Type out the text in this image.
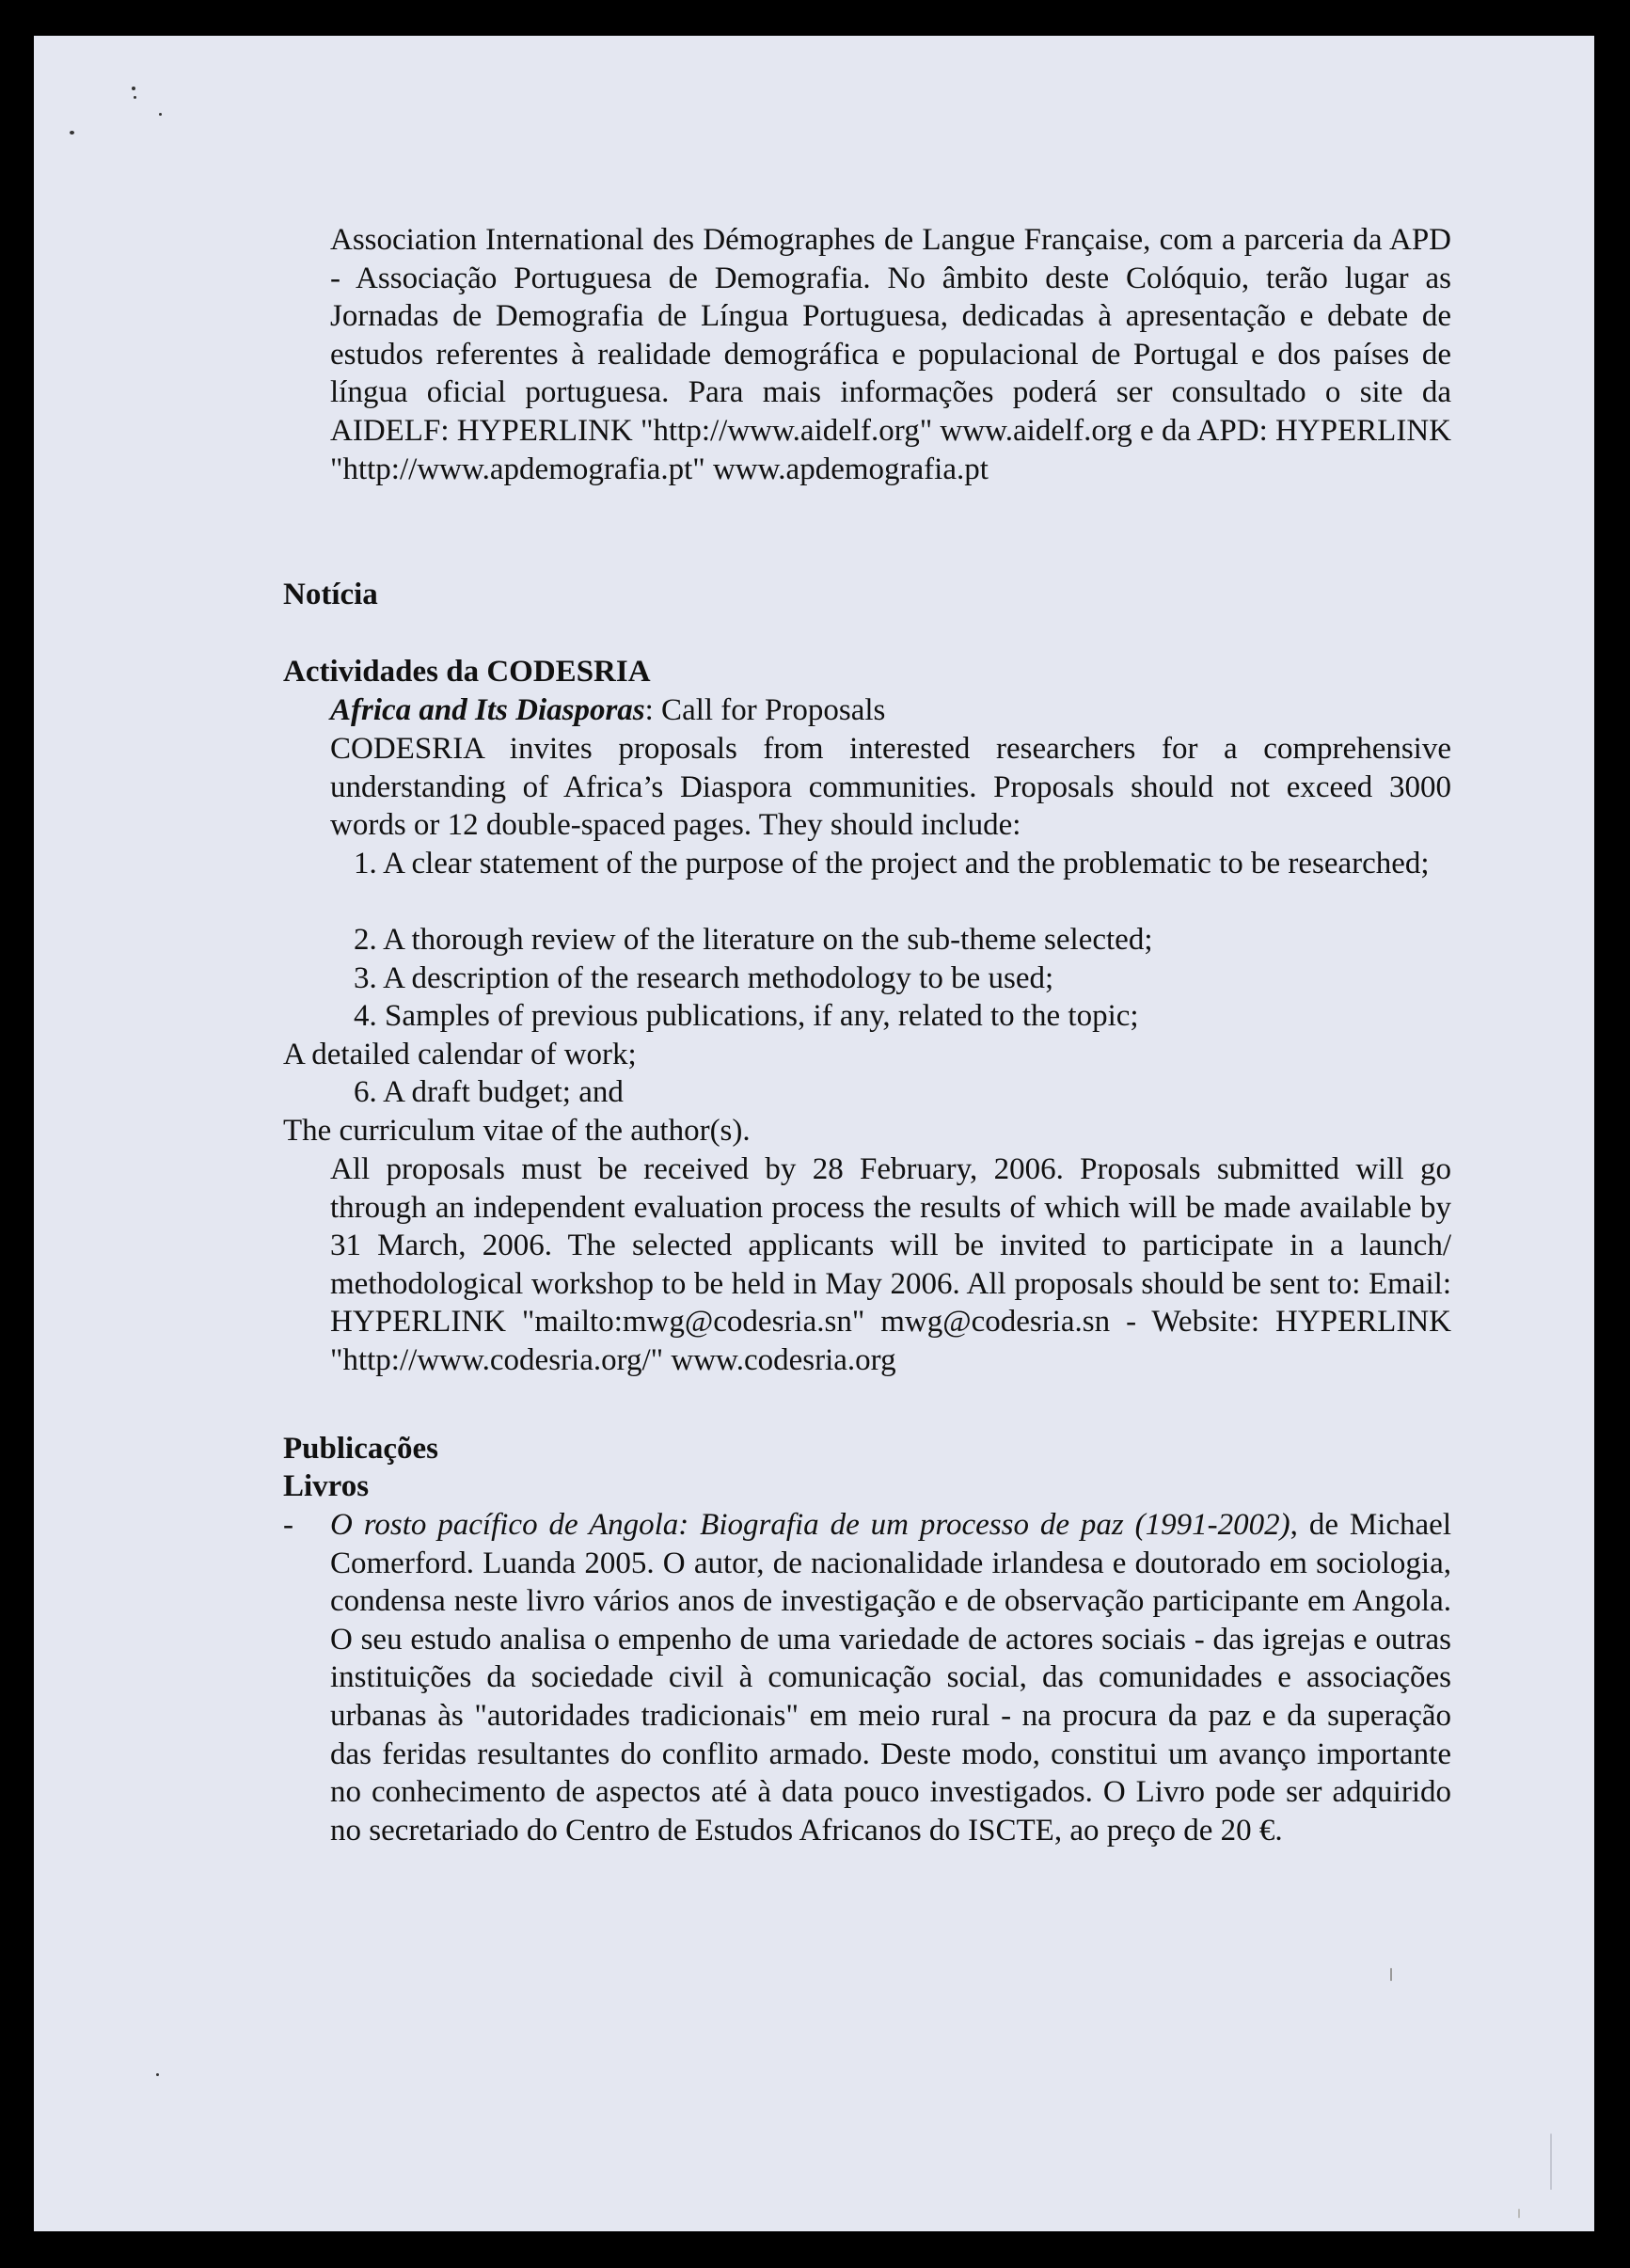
Association International des Démographes de Langue Française, com a parceria da APD - Associação Portuguesa de Demografia. No âmbito deste Colóquio, terão lugar as Jornadas de Demografia de Língua Portuguesa, dedicadas à apresentação e debate de estudos referentes à realidade demográfica e populacional de Portugal e dos países de língua oficial portuguesa. Para mais informações poderá ser consultado o site da AIDELF: HYPERLINK "http://www.aidelf.org" www.aidelf.org e da APD: HYPERLINK "http://www.apdemografia.pt" www.apdemografia.pt
Notícia
Actividades da CODESRIA
Africa and Its Diasporas: Call for Proposals
CODESRIA invites proposals from interested researchers for a comprehensive understanding of Africa’s Diaspora communities. Proposals should not exceed 3000 words or 12 double-spaced pages. They should include:
1. A clear statement of the purpose of the project and the problematic to be researched;
2. A thorough review of the literature on the sub-theme selected;
3. A description of the research methodology to be used;
4. Samples of previous publications, if any, related to the topic;
A detailed calendar of work;
6. A draft budget; and
The curriculum vitae of the author(s).
All proposals must be received by 28 February, 2006. Proposals submitted will go through an independent evaluation process the results of which will be made available by 31 March, 2006. The selected applicants will be invited to participate in a launch/ methodological workshop to be held in May 2006. All proposals should be sent to: Email: HYPERLINK "mailto:mwg@codesria.sn" mwg@codesria.sn - Website: HYPERLINK "http://www.codesria.org/" www.codesria.org
Publicações
Livros
- O rosto pacífico de Angola: Biografia de um processo de paz (1991-2002), de Michael Comerford. Luanda 2005. O autor, de nacionalidade irlandesa e doutorado em sociologia, condensa neste livro vários anos de investigação e de observação participante em Angola. O seu estudo analisa o empenho de uma variedade de actores sociais - das igrejas e outras instituições da sociedade civil à comunicação social, das comunidades e associações urbanas às "autoridades tradicionais" em meio rural - na procura da paz e da superação das feridas resultantes do conflito armado. Deste modo, constitui um avanço importante no conhecimento de aspectos até à data pouco investigados. O Livro pode ser adquirido no secretariado do Centro de Estudos Africanos do ISCTE, ao preço de 20 €.
